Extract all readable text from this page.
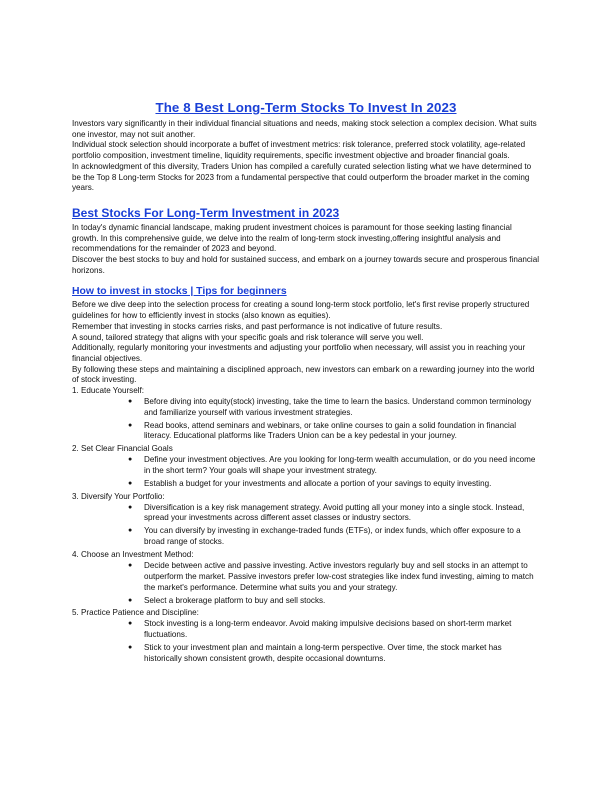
The 8 Best Long-Term Stocks To Invest In 2023

Investors vary significantly in their individual financial situations and needs, making stock selection a complex decision. What suits one investor, may not suit another.

Individual stock selection should incorporate a buffet of investment metrics: risk tolerance, preferred stock volatility, age-related portfolio composition, investment timeline, liquidity requirements, specific investment objective and broader financial goals.

In acknowledgment of this diversity, Traders Union has compiled a carefully curated selection listing what we have determined to be the Top 8 Long-term Stocks for 2023 from a fundamental perspective that could outperform the broader market in the coming years.

Best Stocks For Long-Term Investment in 2023

In today's dynamic financial landscape, making prudent investment choices is paramount for those seeking lasting financial growth. In this comprehensive guide, we delve into the realm of long-term stock investing,offering insightful analysis and recommendations for the remainder of 2023 and beyond.

Discover the best stocks to buy and hold for sustained success, and embark on a journey towards secure and prosperous financial horizons.

How to invest in stocks | Tips for beginners

Before we dive deep into the selection process for creating a sound long-term stock portfolio, let's first revise properly structured guidelines for how to efficiently invest in stocks (also known as equities).

Remember that investing in stocks carries risks, and past performance is not indicative of future results.

A sound, tailored strategy that aligns with your specific goals and risk tolerance will serve you well.

Additionally, regularly monitoring your investments and adjusting your portfolio when necessary, will assist you in reaching your financial objectives.

By following these steps and maintaining a disciplined approach, new investors can embark on a rewarding journey into the world of stock investing.

1. Educate Yourself:

● Before diving into equity(stock) investing, take the time to learn the basics. Understand common terminology and familiarize yourself with various investment strategies.
● Read books, attend seminars and webinars, or take online courses to gain a solid foundation in financial literacy. Educational platforms like Traders Union can be a key pedestal in your journey.

2. Set Clear Financial Goals

● Define your investment objectives. Are you looking for long-term wealth accumulation, or do you need income in the short term? Your goals will shape your investment strategy.
● Establish a budget for your investments and allocate a portion of your savings to equity investing.

3. Diversify Your Portfolio:

● Diversification is a key risk management strategy. Avoid putting all your money into a single stock. Instead, spread your investments across different asset classes or industry sectors.
● You can diversify by investing in exchange-traded funds (ETFs), or index funds, which offer exposure to a broad range of stocks.

4. Choose an Investment Method:

● Decide between active and passive investing. Active investors regularly buy and sell stocks in an attempt to outperform the market. Passive investors prefer low-cost strategies like index fund investing, aiming to match the market's performance. Determine what suits you and your strategy.
● Select a brokerage platform to buy and sell stocks.

5. Practice Patience and Discipline:

● Stock investing is a long-term endeavor. Avoid making impulsive decisions based on short-term market fluctuations.
● Stick to your investment plan and maintain a long-term perspective. Over time, the stock market has historically shown consistent growth, despite occasional downturns.
